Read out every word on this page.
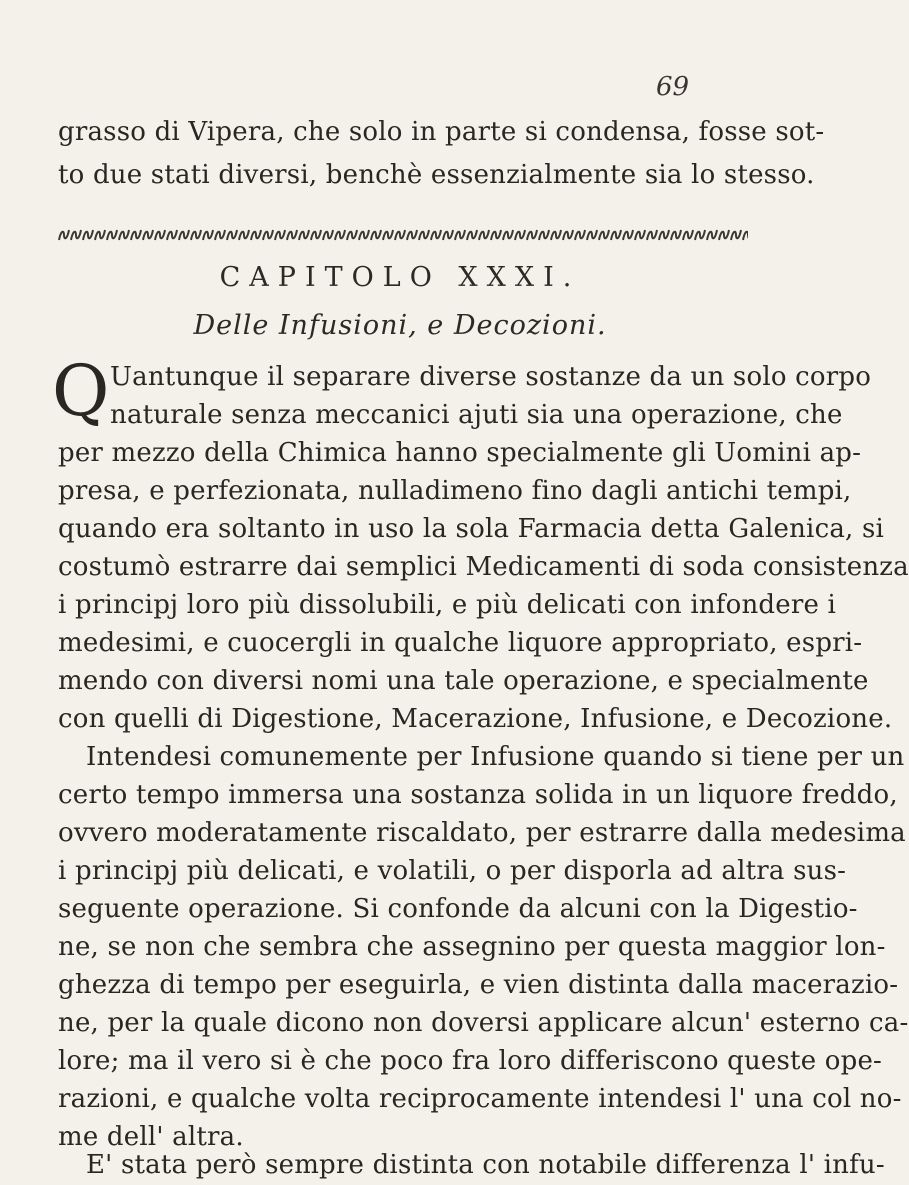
69
grasso di Vipera, che solo in parte si condensa, fosse sot-
to due stati diversi, benchè essenzialmente sia lo stesso.
CAPITOLO XXXI.
Delle Infusioni, e Decozioni.
Q Uantunque il separare diverse sostanze da un solo corpo
naturale senza meccanici ajuti sia una operazione, che
per mezzo della Chimica hanno specialmente gli Uomini ap-
presa, e perfezionata, nulladimeno fino dagli antichi tempi,
quando era soltanto in uso la sola Farmacia detta Galenica, si
costumò estrarre dai semplici Medicamenti di soda consistenza
i principj loro più dissolubili, e più delicati con infondere i
medesimi, e cuocergli in qualche liquore appropriato, espri-
mendo con diversi nomi una tale operazione, e specialmente
con quelli di Digestione, Macerazione, Infusione, e Decozione.
Intendesi comunemente per Infusione quando si tiene per un
certo tempo immersa una sostanza solida in un liquore freddo,
ovvero moderatamente riscaldato, per estrarre dalla medesima
i principj più delicati, e volatili, o per disporla ad altra sus-
seguente operazione. Si confonde da alcuni con la Digestio-
ne, se non che sembra che assegnino per questa maggior lon-
ghezza di tempo per eseguirla, e vien distinta dalla macerazio-
ne, per la quale dicono non doversi applicare alcun' esterno ca-
lore; ma il vero si è che poco fra loro differiscono queste ope-
razioni, e qualche volta reciprocamente intendesi l' una col no-
me dell' altra.
E' stata però sempre distinta con notabile differenza l' infu-
